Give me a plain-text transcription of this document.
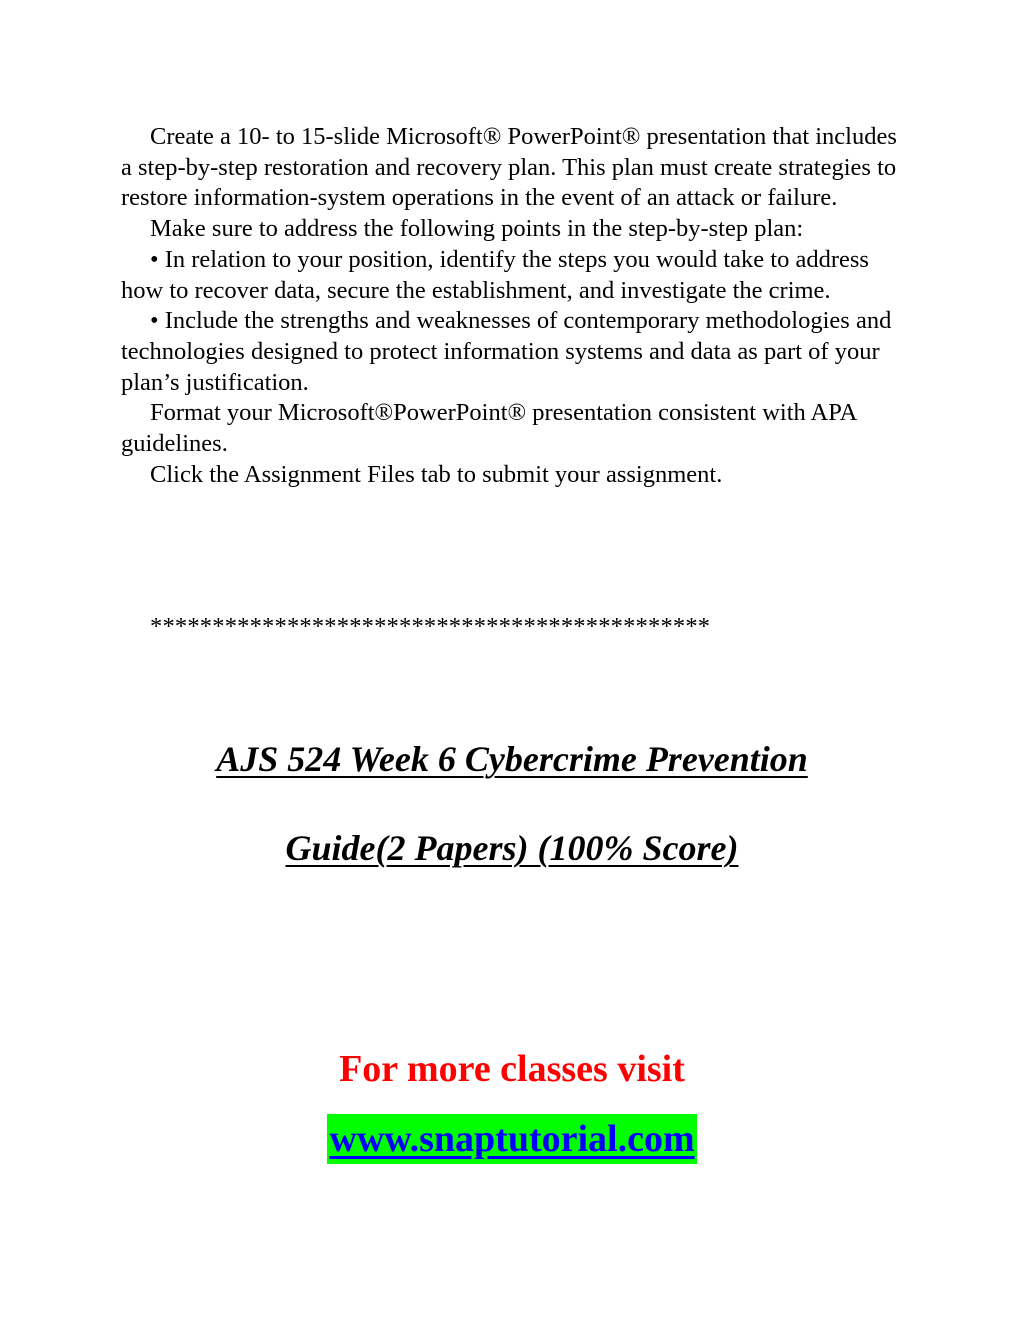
Create a 10- to 15-slide Microsoft® PowerPoint® presentation that includes a step-by-step restoration and recovery plan. This plan must create strategies to restore information-system operations in the event of an attack or failure.

Make sure to address the following points in the step-by-step plan:

• In relation to your position, identify the steps you would take to address how to recover data, secure the establishment, and investigate the crime.

• Include the strengths and weaknesses of contemporary methodologies and technologies designed to protect information systems and data as part of your plan’s justification.

Format your Microsoft®PowerPoint® presentation consistent with APA guidelines.

Click the Assignment Files tab to submit your assignment.

*********************************************
AJS 524 Week 6 Cybercrime Prevention
Guide(2 Papers) (100% Score)
For more classes visit
www.snaptutorial.com
